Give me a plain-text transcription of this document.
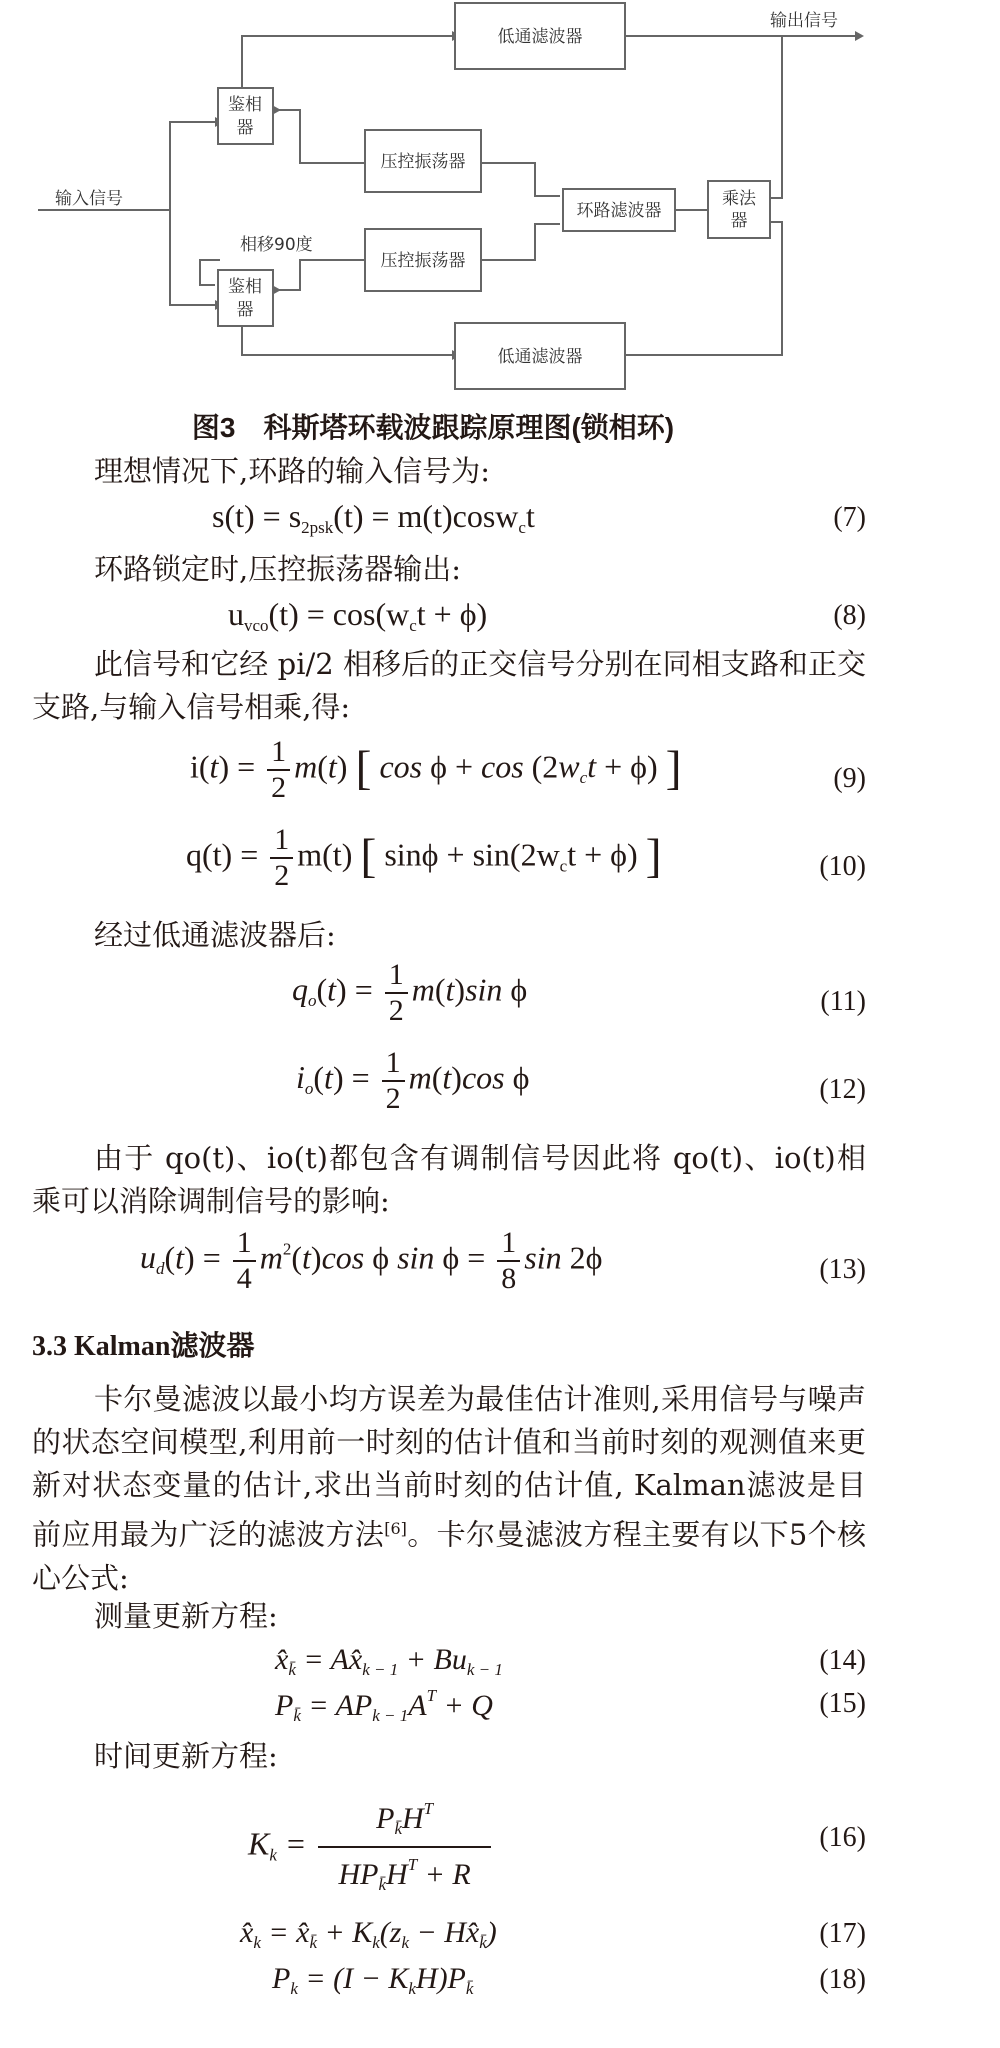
低通滤波器
输出信号
鉴相
器
压控振荡器
输入信号
环路滤波器
乘法
器
相移90度
压控振荡器
鉴相
器
低通滤波器
图3　科斯塔环载波跟踪原理图(锁相环)
理想情况下,环路的输入信号为:
$s(t) = s_{2psk}(t) = m(t)\cos w_ct$	(7)
环路锁定时,压控振荡器输出:
$u_{vco}(t) = \cos(w_ct + \phi)$	(8)
此信号和它经 pi/2 相移后的正交信号分别在同相支路和正交支路,与输入信号相乘,得:
$i(t) = \frac{1}{2} m(t)$ [ $\cos \phi + \cos (2w_ct + \phi)$ ]	(9)
$q(t) = \frac{1}{2} m(t)$ [ $\sin\phi + \sin(2w_ct + \phi)$ ]	(10)
经过低通滤波器后:
$q_o(t) = \frac{1}{2} m(t)\sin$ ϕ	(11)
$i_o(t) = \frac{1}{2} m(t)\cos$ ϕ	(12)
由于 qo(t)、io(t)都包含有调制信号因此将 qo(t)、io(t)相乘可以消除调制信号的影响:
$u_d(t) = \frac{1}{4} m^2(t)\cos$ ϕ $\sin \phi = \frac{1}{8}$ sin 2ϕ	(13)
3.3 Kalman滤波器
卡尔曼滤波以最小均方误差为最佳估计准则,采用信号与噪声的状态空间模型,利用前一时刻的估计值和当前时刻的观测值来更新对状态变量的估计,求出当前时刻的估计值, Kalman滤波是目前应用最为广泛的滤波方法[6]。卡尔曼滤波方程主要有以下5个核心公式:
测量更新方程:
$x̂_{k̄}$ = $Ax̂_{k - 1} + Bu_{k - 1}$	(14)
$P_{k̄} = AP_{k - 1}A^T + Q$	(15)
时间更新方程:
$K_k = \frac{P_{k̄}H^T}{HP_{k̄}H^T + R}$	(16)
$x̂_k$ = $x̂_{k̄} + K_k(z_k$ − $Hx̂_{k̄}$)	(17)
$P_k = (I - K_kH)P_{k̄}$	(18)
